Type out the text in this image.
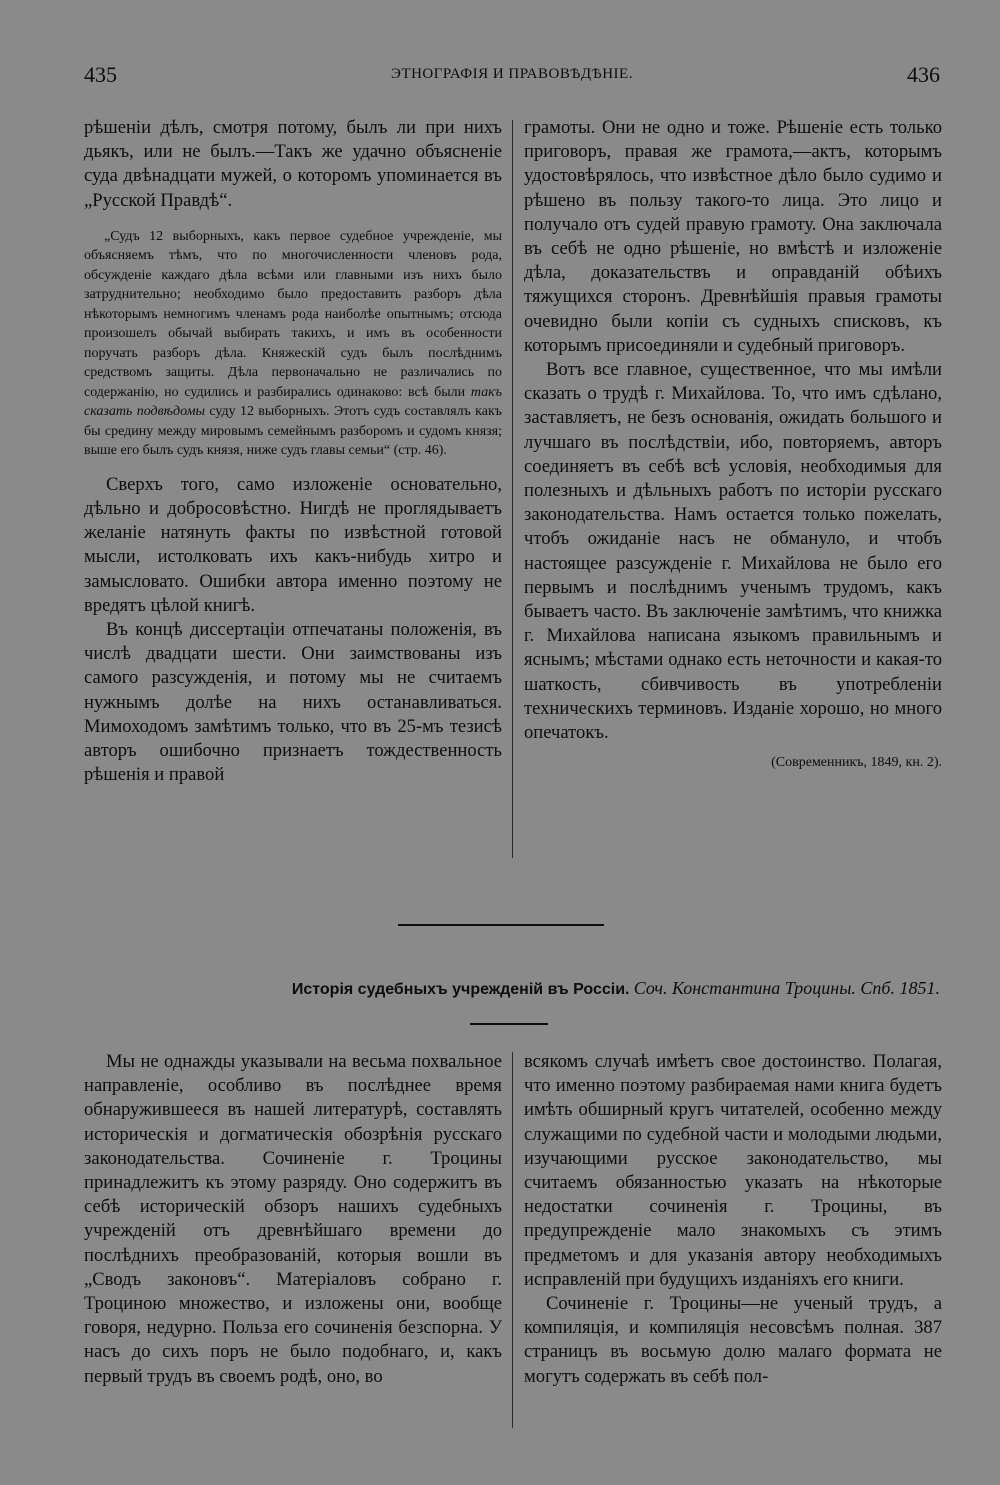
435	ЭТНОГРАФІЯ И ПРАВОВѢДѢНІЕ.	436

рѣшеніи дѣлъ, смотря потому, былъ ли при нихъ дьякъ, или не былъ.—Такъ же удачно объясненіе суда двѣнадцати мужей, о которомъ упоминается въ „Русской Правдѣ“.

„Судъ 12 выборныхъ, какъ первое судебное учрежденіе, мы объясняемъ тѣмъ, что по многочисленности членовъ рода, обсужденіе каждаго дѣла всѣми или главными изъ нихъ было затруднительно; необходимо было предоставить разборъ дѣла нѣкоторымъ немногимъ членамъ рода наиболѣе опытнымъ; отсюда произошелъ обычай выбирать такихъ, и имъ въ особенности поручать разборъ дѣла. Княжескій судъ былъ послѣднимъ средствомъ защиты. Дѣла первоначально не различались по содержанію, но судились и разбирались одинаково: всѣ были такъ сказать подвѣдомы суду 12 выборныхъ. Этотъ судъ составлялъ какъ бы средину между мировымъ семейнымъ разборомъ и судомъ князя; выше его былъ судъ князя, ниже судъ главы семьи“ (стр. 46).

Сверхъ того, само изложеніе основательно, дѣльно и добросовѣстно. Нигдѣ не проглядываетъ желаніе натянуть факты по извѣстной готовой мысли, истолковать ихъ какъ-нибудь хитро и замысловато. Ошибки автора именно поэтому не вредятъ цѣлой книгѣ.

Въ концѣ диссертаціи отпечатаны положенія, въ числѣ двадцати шести. Они заимствованы изъ самого разсужденія, и потому мы не считаемъ нужнымъ долѣе на нихъ останавливаться. Мимоходомъ замѣтимъ только, что въ 25-мъ тезисѣ авторъ ошибочно признаетъ тождественность рѣшенія и правой

грамоты. Они не одно и тоже. Рѣшеніе есть только приговоръ, правая же грамота,—актъ, которымъ удостовѣрялось, что извѣстное дѣло было судимо и рѣшено въ пользу такого-то лица. Это лицо и получало отъ судей правую грамоту. Она заключала въ себѣ не одно рѣшеніе, но вмѣстѣ и изложеніе дѣла, доказательствъ и оправданій обѣихъ тяжущихся сторонъ. Древнѣйшія правыя грамоты очевидно были копіи съ судныхъ списковъ, къ которымъ присоединяли и судебный приговоръ.

Вотъ все главное, существенное, что мы имѣли сказать о трудѣ г. Михайлова. То, что имъ сдѣлано, заставляетъ, не безъ основанія, ожидать большого и лучшаго въ послѣдствіи, ибо, повторяемъ, авторъ соединяетъ въ себѣ всѣ условія, необходимыя для полезныхъ и дѣльныхъ работъ по исторіи русскаго законодательства. Намъ остается только пожелать, чтобъ ожиданіе насъ не обмануло, и чтобъ настоящее разсужденіе г. Михайлова не было его первымъ и послѣднимъ ученымъ трудомъ, какъ бываетъ часто. Въ заключеніе замѣтимъ, что книжка г. Михайлова написана языкомъ правильнымъ и яснымъ; мѣстами однако есть неточности и какая-то шаткость, сбивчивость въ употребленіи техническихъ терминовъ. Изданіе хорошо, но много опечатокъ.

(Современникъ, 1849, кн. 2).

Исторія судебныхъ учрежденій въ Россіи. Соч. Константина Троцины. Спб. 1851.

Мы не однажды указывали на весьма похвальное направленіе, особливо въ послѣднее время обнаружившееся въ нашей литературѣ, составлять историческія и догматическія обозрѣнія русскаго законодательства. Сочиненіе г. Троцины принадлежитъ къ этому разряду. Оно содержитъ въ себѣ историческій обзоръ нашихъ судебныхъ учрежденій отъ древнѣйшаго времени до послѣднихъ преобразованій, которыя вошли въ „Сводъ законовъ“. Матеріаловъ собрано г. Троциною множество, и изложены они, вообще говоря, недурно. Польза его сочиненія безспорна. У насъ до сихъ поръ не было подобнаго, и, какъ первый трудъ въ своемъ родѣ, оно, во

всякомъ случаѣ имѣетъ свое достоинство. Полагая, что именно поэтому разбираемая нами книга будетъ имѣть обширный кругъ читателей, особенно между служащими по судебной части и молодыми людьми, изучающими русское законодательство, мы считаемъ обязанностью указать на нѣкоторые недостатки сочиненія г. Троцины, въ предупрежденіе мало знакомыхъ съ этимъ предметомъ и для указанія автору необходимыхъ исправленій при будущихъ изданіяхъ его книги.

Сочиненіе г. Троцины—не ученый трудъ, а компиляція, и компиляція несовсѣмъ полная. 387 страницъ въ восьмую долю малаго формата не могутъ содержать въ себѣ пол-
